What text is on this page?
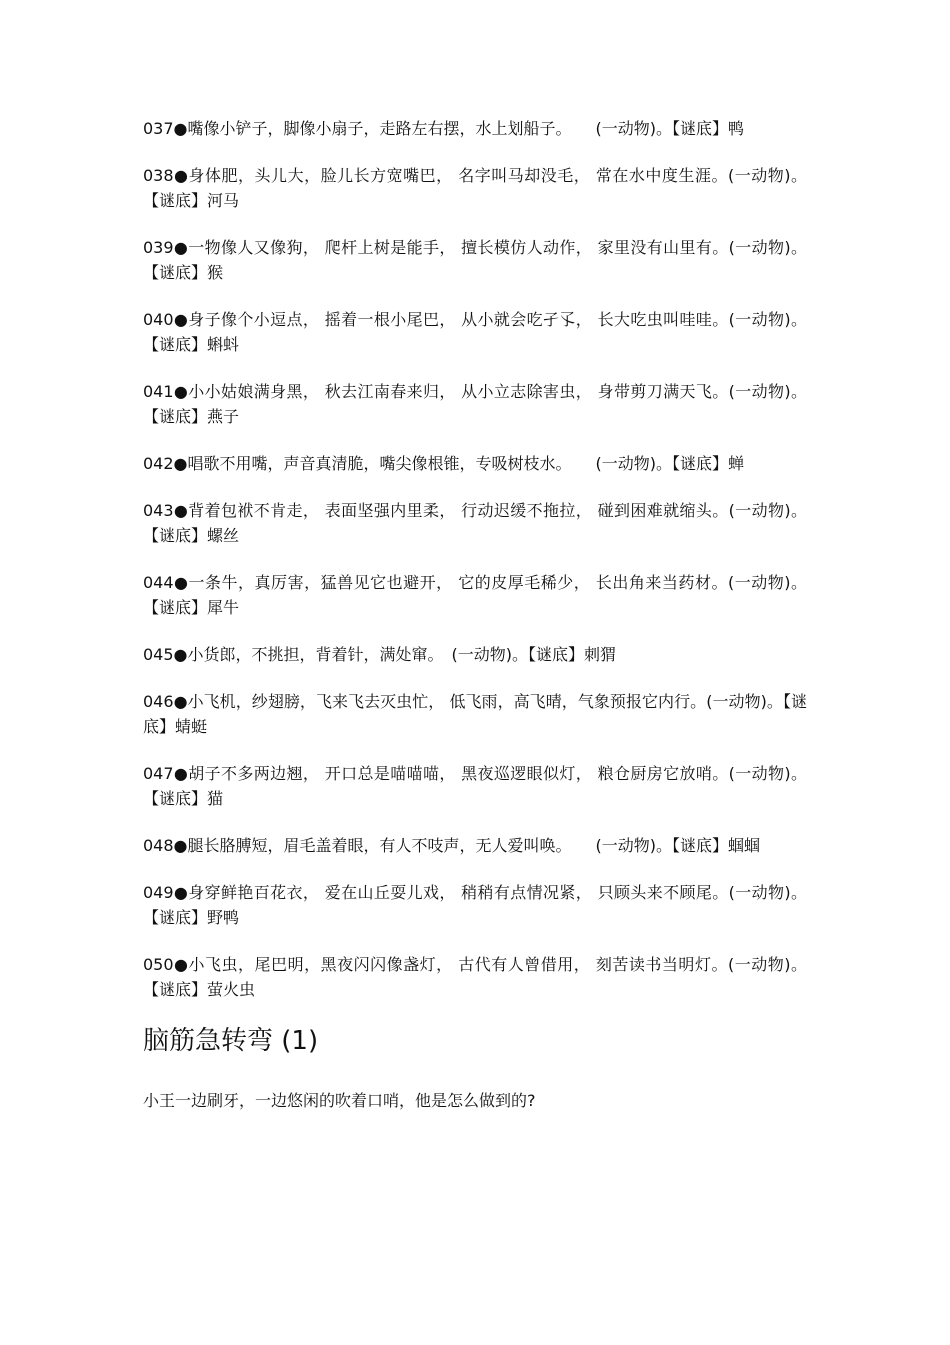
037●嘴像小铲子，脚像小扇子，走路左右摆，水上划船子。　　(一动物)。【谜底】鸭

038●身体肥，头儿大，脸儿长方宽嘴巴， 名字叫马却没毛， 常在水中度生涯。(一动物)。【谜底】河马

039●一物像人又像狗， 爬杆上树是能手， 擅长模仿人动作， 家里没有山里有。(一动物)。【谜底】猴

040●身子像个小逗点， 摇着一根小尾巴， 从小就会吃孑孓， 长大吃虫叫哇哇。(一动物)。【谜底】蝌蚪

041●小小姑娘满身黑， 秋去江南春来归， 从小立志除害虫， 身带剪刀满天飞。(一动物)。【谜底】燕子

042●唱歌不用嘴，声音真清脆，嘴尖像根锥，专吸树枝水。　　(一动物)。【谜底】蝉

043●背着包袱不肯走， 表面坚强内里柔， 行动迟缓不拖拉， 碰到困难就缩头。(一动物)。【谜底】螺丝

044●一条牛，真厉害，猛兽见它也避开， 它的皮厚毛稀少， 长出角来当药材。(一动物)。【谜底】犀牛

045●小货郎，不挑担，背着针，满处窜。　(一动物)。【谜底】刺猬

046●小飞机，纱翅膀，飞来飞去灭虫忙， 低飞雨，高飞晴，气象预报它内行。(一动物)。【谜底】蜻蜓

047●胡子不多两边翘， 开口总是喵喵喵， 黑夜巡逻眼似灯， 粮仓厨房它放哨。(一动物)。【谜底】猫

048●腿长胳膊短，眉毛盖着眼，有人不吱声，无人爱叫唤。　　(一动物)。【谜底】蝈蝈

049●身穿鲜艳百花衣， 爱在山丘耍儿戏， 稍稍有点情况紧， 只顾头来不顾尾。(一动物)。【谜底】野鸭

050●小飞虫，尾巴明，黑夜闪闪像盏灯， 古代有人曾借用， 刻苦读书当明灯。(一动物)。【谜底】萤火虫

脑筋急转弯 (1)

小王一边刷牙，一边悠闲的吹着口哨，他是怎么做到的?
